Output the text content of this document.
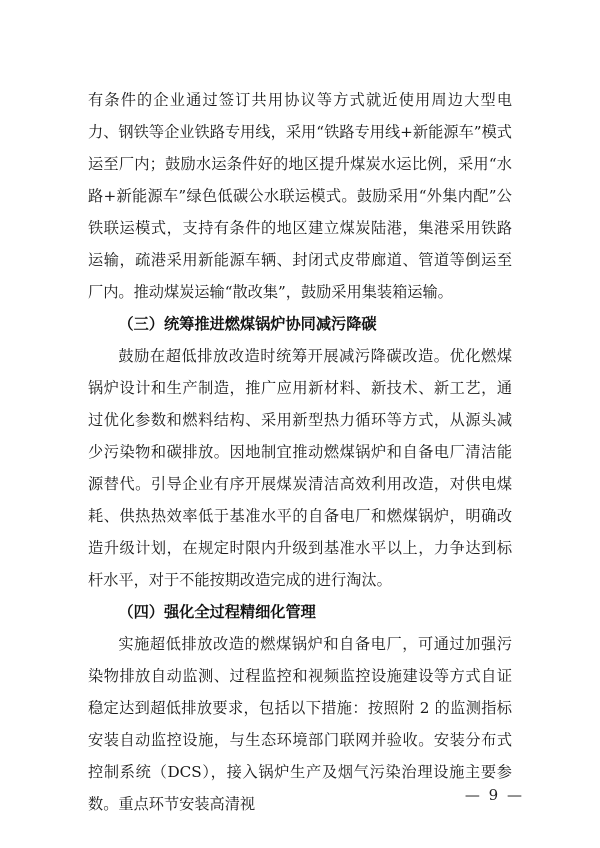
有条件的企业通过签订共用协议等方式就近使用周边大型电力、钢铁等企业铁路专用线，采用“铁路专用线+新能源车”模式运至厂内；鼓励水运条件好的地区提升煤炭水运比例，采用“水路+新能源车”绿色低碳公水联运模式。鼓励采用“外集内配”公铁联运模式，支持有条件的地区建立煤炭陆港，集港采用铁路运输，疏港采用新能源车辆、封闭式皮带廊道、管道等倒运至厂内。推动煤炭运输“散改集”，鼓励采用集装箱运输。

（三）统筹推进燃煤锅炉协同减污降碳

鼓励在超低排放改造时统筹开展减污降碳改造。优化燃煤锅炉设计和生产制造，推广应用新材料、新技术、新工艺，通过优化参数和燃料结构、采用新型热力循环等方式，从源头减少污染物和碳排放。因地制宜推动燃煤锅炉和自备电厂清洁能源替代。引导企业有序开展煤炭清洁高效利用改造，对供电煤耗、供热热效率低于基准水平的自备电厂和燃煤锅炉，明确改造升级计划，在规定时限内升级到基准水平以上，力争达到标杆水平，对于不能按期改造完成的进行淘汰。

（四）强化全过程精细化管理

实施超低排放改造的燃煤锅炉和自备电厂，可通过加强污染物排放自动监测、过程监控和视频监控设施建设等方式自证稳定达到超低排放要求，包括以下措施：按照附 2 的监测指标安装自动监控设施，与生态环境部门联网并验收。安装分布式控制系统（DCS），接入锅炉生产及烟气污染治理设施主要参数。重点环节安装高清视	— 9 —
